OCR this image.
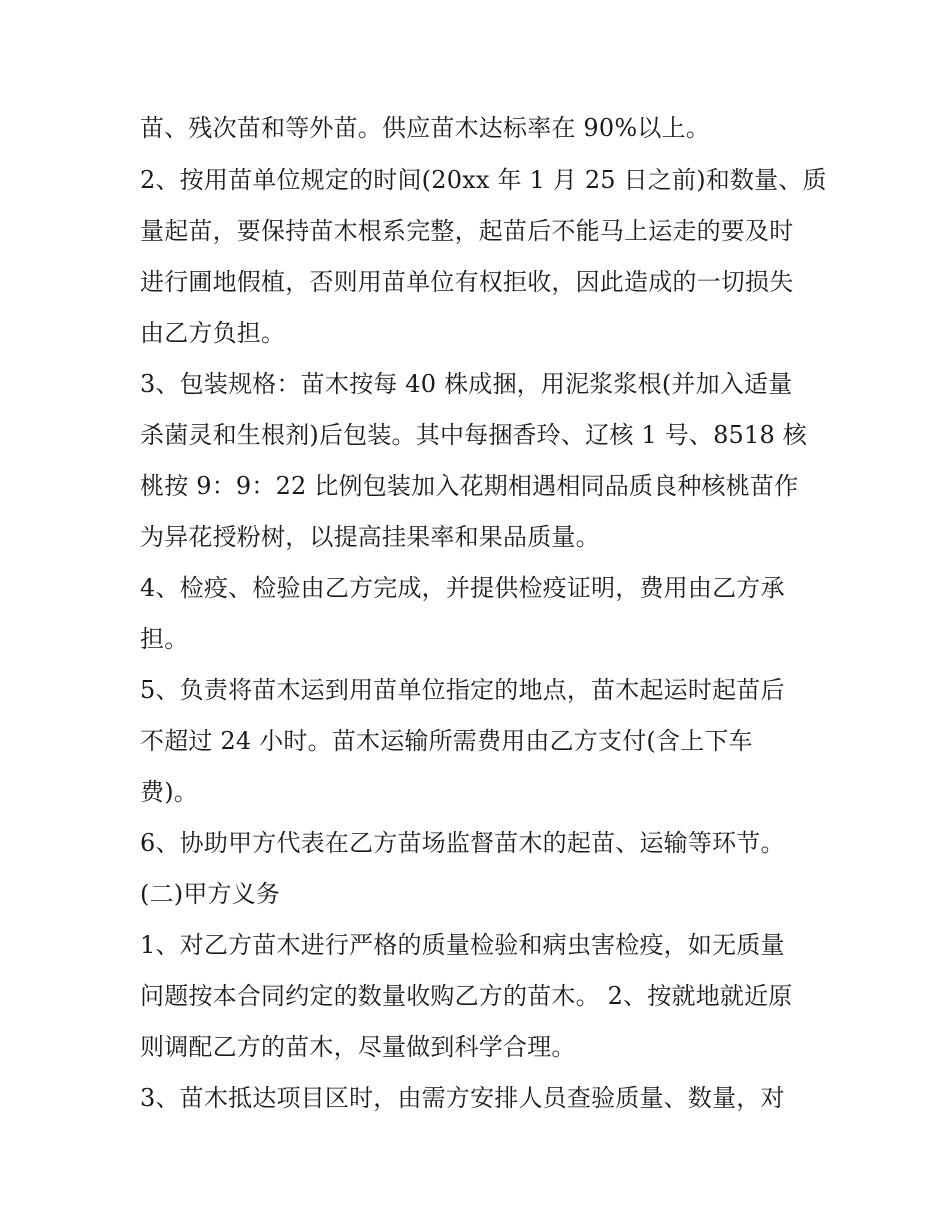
苗、残次苗和等外苗。供应苗木达标率在 90%以上。
2、按用苗单位规定的时间(20xx 年 1 月 25 日之前)和数量、质
量起苗，要保持苗木根系完整，起苗后不能马上运走的要及时
进行圃地假植，否则用苗单位有权拒收，因此造成的一切损失
由乙方负担。
3、包装规格：苗木按每 40 株成捆，用泥浆浆根(并加入适量
杀菌灵和生根剂)后包装。其中每捆香玲、辽核 1 号、8518 核
桃按 9：9：22 比例包装加入花期相遇相同品质良种核桃苗作
为异花授粉树，以提高挂果率和果品质量。
4、检疫、检验由乙方完成，并提供检疫证明，费用由乙方承
担。
5、负责将苗木运到用苗单位指定的地点，苗木起运时起苗后
不超过 24 小时。苗木运输所需费用由乙方支付(含上下车
费)。
6、协助甲方代表在乙方苗场监督苗木的起苗、运输等环节。
(二)甲方义务
1、对乙方苗木进行严格的质量检验和病虫害检疫，如无质量
问题按本合同约定的数量收购乙方的苗木。 2、按就地就近原
则调配乙方的苗木，尽量做到科学合理。
3、苗木抵达项目区时，由需方安排人员查验质量、数量，对
